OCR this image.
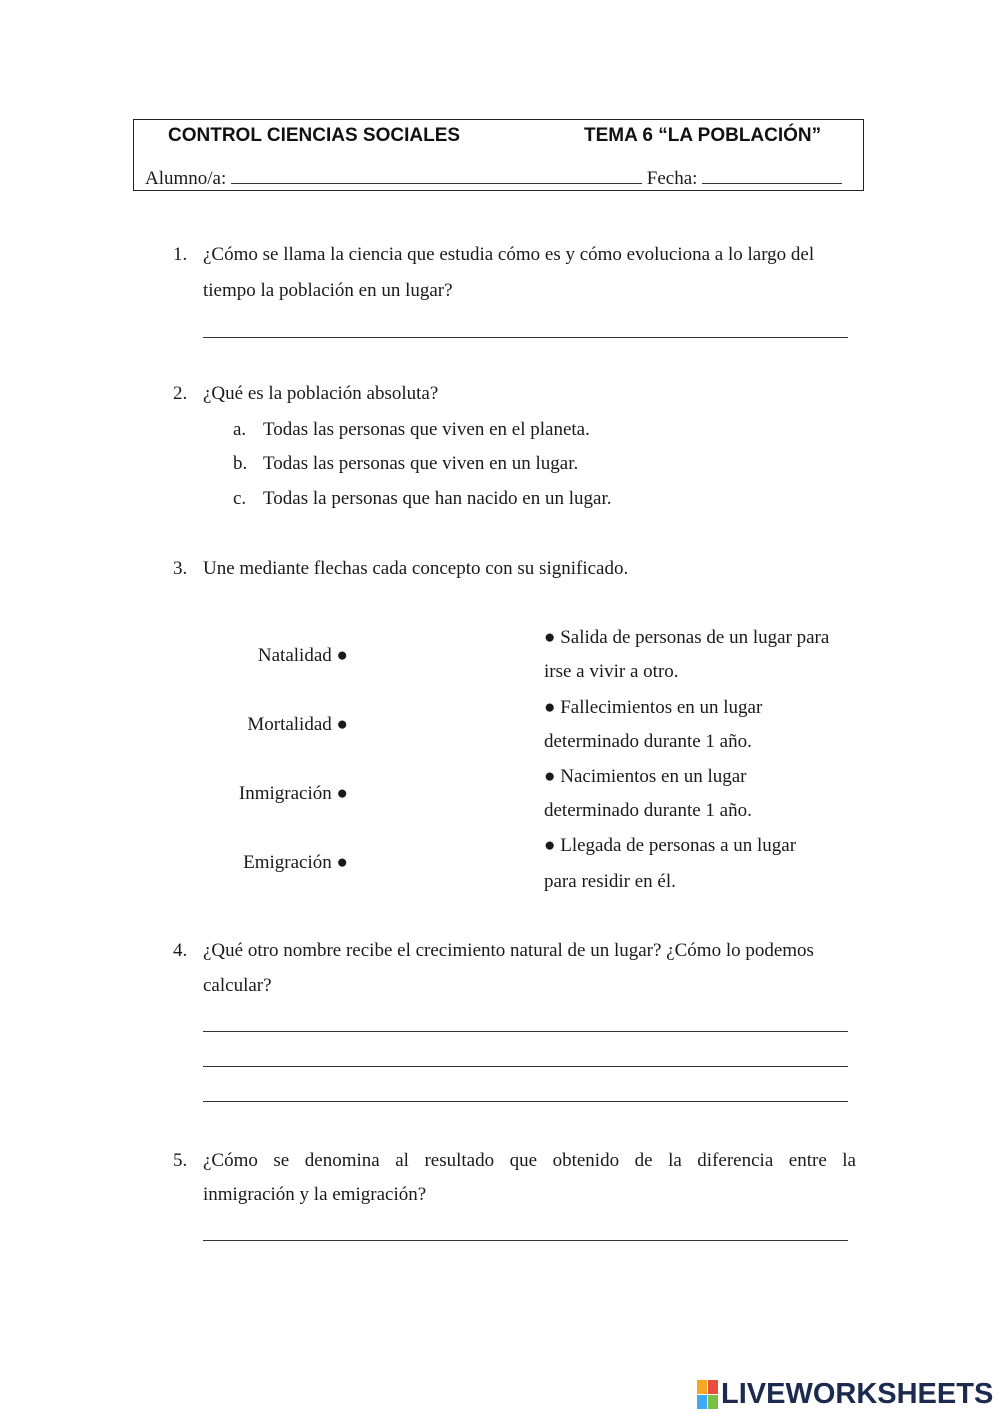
CONTROL CIENCIAS SOCIALES	TEMA 6 “LA POBLACIÓN”
Alumno/a:	Fecha:
1. ¿Cómo se llama la ciencia que estudia cómo es y cómo evoluciona a lo largo del
tiempo la población en un lugar?
2. ¿Qué es la población absoluta?
a. Todas las personas que viven en el planeta.
b. Todas las personas que viven en un lugar.
c. Todas la personas que han nacido en un lugar.
3. Une mediante flechas cada concepto con su significado.
Natalidad ●
Mortalidad ●
Inmigración ●
Emigración ●
● Salida de personas de un lugar para
irse a vivir a otro.
● Fallecimientos en un lugar
determinado durante 1 año.
● Nacimientos en un lugar
determinado durante 1 año.
● Llegada de personas a un lugar
para residir en él.
4. ¿Qué otro nombre recibe el crecimiento natural de un lugar? ¿Cómo lo podemos
calcular?
5. ¿Cómo se denomina al resultado que obtenido de la diferencia entre la
inmigración y la emigración?
LIVEWORKSHEETS
